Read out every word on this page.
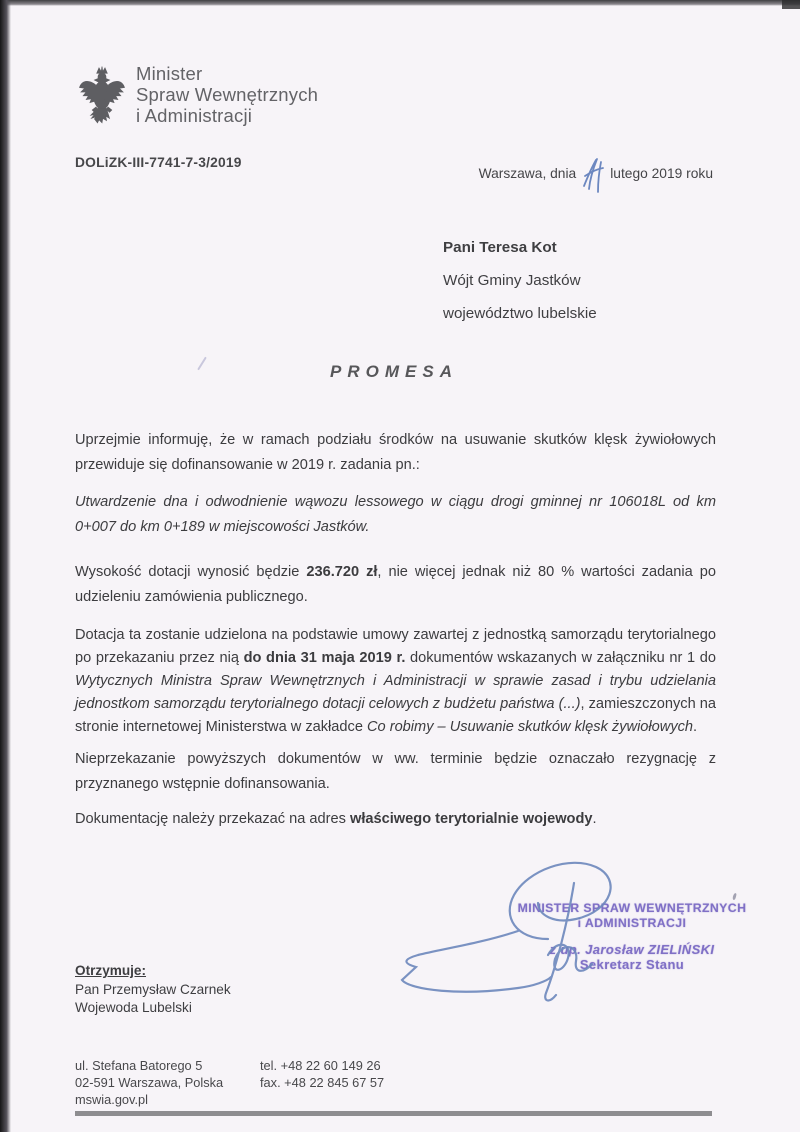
Minister
Spraw Wewnętrznych
i Administracji
DOLiZK-III-7741-7-3/2019
Warszawa, dnia lutego 2019 roku
Pani Teresa Kot
Wójt Gminy Jastków
województwo lubelskie
PROMESA

Uprzejmie informuję, że w ramach podziału środków na usuwanie skutków klęsk żywiołowych przewiduje się dofinansowanie w 2019 r. zadania pn.:

Utwardzenie dna i odwodnienie wąwozu lessowego w ciągu drogi gminnej nr 106018L od km 0+007 do km 0+189 w miejscowości Jastków.

Wysokość dotacji wynosić będzie 236.720 zł, nie więcej jednak niż 80 % wartości zadania po udzieleniu zamówienia publicznego.

Dotacja ta zostanie udzielona na podstawie umowy zawartej z jednostką samorządu terytorialnego po przekazaniu przez nią do dnia 31 maja 2019 r. dokumentów wskazanych w załączniku nr 1 do Wytycznych Ministra Spraw Wewnętrznych i Administracji w sprawie zasad i trybu udzielania jednostkom samorządu terytorialnego dotacji celowych z budżetu państwa (...), zamieszczonych na stronie internetowej Ministerstwa w zakładce Co robimy – Usuwanie skutków klęsk żywiołowych.

Nieprzekazanie powyższych dokumentów w ww. terminie będzie oznaczało rezygnację z przyznanego wstępnie dofinansowania.

Dokumentację należy przekazać na adres właściwego terytorialnie wojewody.

MINISTER SPRAW WEWNĘTRZNYCH
i ADMINISTRACJI
z up. Jarosław ZIELIŃSKI
Sekretarz Stanu
Otrzymuje:
Pan Przemysław Czarnek
Wojewoda Lubelski
ul. Stefana Batorego 5
02-591 Warszawa, Polska
mswia.gov.pl
tel. +48 22 60 149 26
fax. +48 22 845 67 57
